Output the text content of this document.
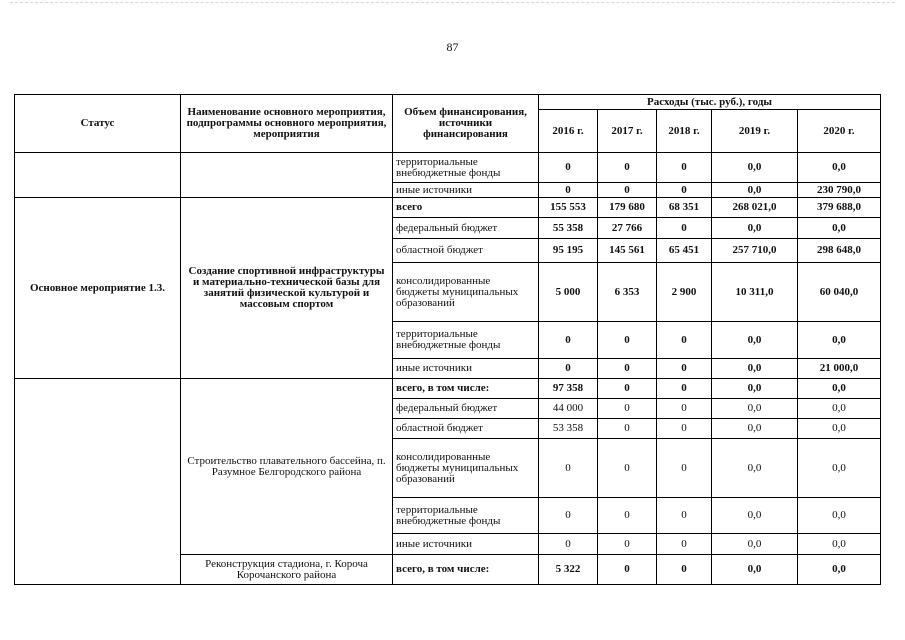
87
Статус	Наименование основного мероприятия, подпрограммы основного мероприятия, мероприятия	Объем финансирования, источники финансирования	Расходы (тыс. руб.), годы				
			2016 г.	2017 г.	2018 г.	2019 г.	2020 г.
		территориальные внебюджетные фонды	0	0	0	0,0	0,0
		иные источники	0	0	0	0,0	230 790,0
Основное мероприятие 1.3.	Создание спортивной инфраструктуры и материально-технической базы для занятий физической культурой и массовым спортом	всего	155 553	179 680	68 351	268 021,0	379 688,0
		федеральный бюджет	55 358	27 766	0	0,0	0,0
		областной бюджет	95 195	145 561	65 451	257 710,0	298 648,0
		консолидированные бюджеты муниципальных образований	5 000	6 353	2 900	10 311,0	60 040,0
		территориальные внебюджетные фонды	0	0	0	0,0	0,0
		иные источники	0	0	0	0,0	21 000,0
	Строительство плавательного бассейна, п. Разумное Белгородского района	всего, в том числе:	97 358	0	0	0,0	0,0
		федеральный бюджет	44 000	0	0	0,0	0,0
		областной бюджет	53 358	0	0	0,0	0,0
		консолидированные бюджеты муниципальных образований	0	0	0	0,0	0,0
		территориальные внебюджетные фонды	0	0	0	0,0	0,0
		иные источники	0	0	0	0,0	0,0
	Реконструкция стадиона, г. Короча Корочанского района	всего, в том числе:	5 322	0	0	0,0	0,0
